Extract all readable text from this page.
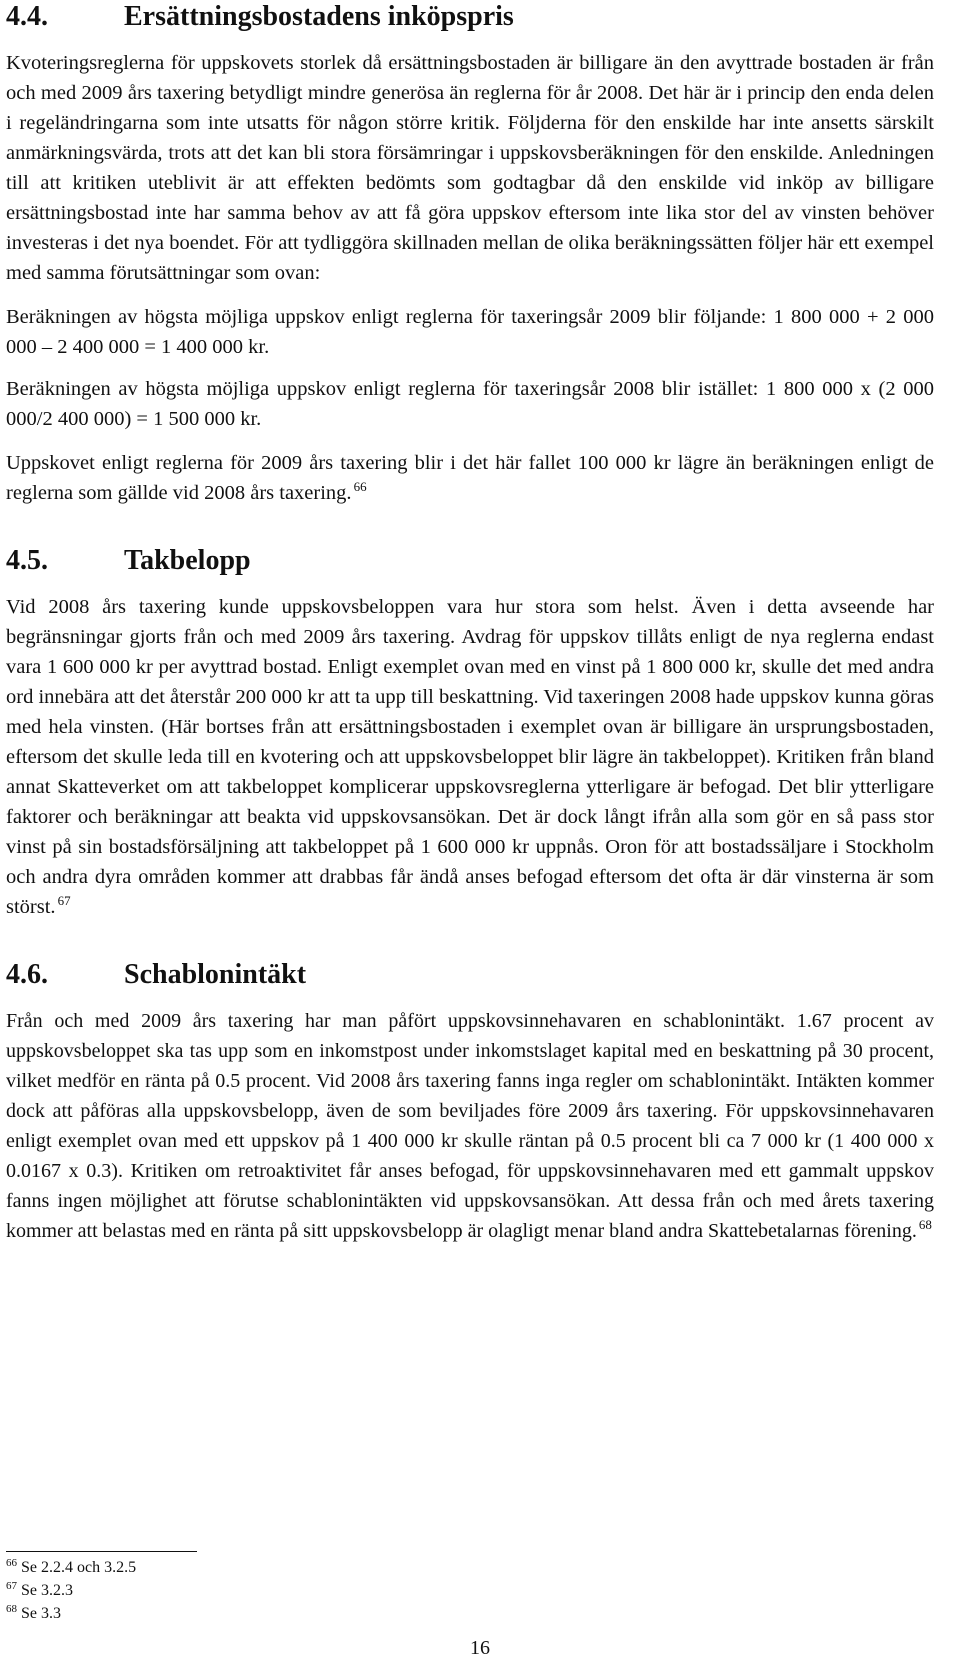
4.4.	Ersättningsbostadens inköpspris

Kvoteringsreglerna för uppskovets storlek då ersättningsbostaden är billigare än den avyttrade bostaden är från och med 2009 års taxering betydligt mindre generösa än reglerna för år 2008. Det här är i princip den enda delen i regeländringarna som inte utsatts för någon större kritik. Följderna för den enskilde har inte ansetts särskilt anmärkningsvärda, trots att det kan bli stora försämringar i uppskovsberäkningen för den enskilde. Anledningen till att kritiken uteblivit är att effekten bedömts som godtagbar då den enskilde vid inköp av billigare ersättningsbostad inte har samma behov av att få göra uppskov eftersom inte lika stor del av vinsten behöver investeras i det nya boendet. För att tydliggöra skillnaden mellan de olika beräkningssätten följer här ett exempel med samma förutsättningar som ovan:

Beräkningen av högsta möjliga uppskov enligt reglerna för taxeringsår 2009 blir följande: 1 800 000 + 2 000 000 – 2 400 000 = 1 400 000 kr.

Beräkningen av högsta möjliga uppskov enligt reglerna för taxeringsår 2008 blir istället: 1 800 000 x (2 000 000/2 400 000) = 1 500 000 kr.

Uppskovet enligt reglerna för 2009 års taxering blir i det här fallet 100 000 kr lägre än beräkningen enligt de reglerna som gällde vid 2008 års taxering. $^{66}$

4.5.	Takbelopp

Vid 2008 års taxering kunde uppskovsbeloppen vara hur stora som helst. Även i detta avseende har begränsningar gjorts från och med 2009 års taxering. Avdrag för uppskov tillåts enligt de nya reglerna endast vara 1 600 000 kr per avyttrad bostad. Enligt exemplet ovan med en vinst på 1 800 000 kr, skulle det med andra ord innebära att det återstår 200 000 kr att ta upp till beskattning. Vid taxeringen 2008 hade uppskov kunna göras med hela vinsten. (Här bortses från att ersättningsbostaden i exemplet ovan är billigare än ursprungsbostaden, eftersom det skulle leda till en kvotering och att uppskovsbeloppet blir lägre än takbeloppet). Kritiken från bland annat Skatteverket om att takbeloppet komplicerar uppskovsreglerna ytterligare är befogad. Det blir ytterligare faktorer och beräkningar att beakta vid uppskovsansökan. Det är dock långt ifrån alla som gör en så pass stor vinst på sin bostadsförsäljning att takbeloppet på 1 600 000 kr uppnås. Oron för att bostadssäljare i Stockholm och andra dyra områden kommer att drabbas får ändå anses befogad eftersom det ofta är där vinsterna är som störst. $^{67}$

4.6.	Schablonintäkt

Från och med 2009 års taxering har man påfört uppskovsinnehavaren en schablonintäkt. 1.67 procent av uppskovsbeloppet ska tas upp som en inkomstpost under inkomstslaget kapital med en beskattning på 30 procent, vilket medför en ränta på 0.5 procent. Vid 2008 års taxering fanns inga regler om schablonintäkt. Intäkten kommer dock att påföras alla uppskovsbelopp, även de som beviljades före 2009 års taxering. För uppskovsinnehavaren enligt exemplet ovan med ett uppskov på 1 400 000 kr skulle räntan på 0.5 procent bli ca 7 000 kr (1 400 000 x 0.0167 x 0.3). Kritiken om retroaktivitet får anses befogad, för uppskovsinnehavaren med ett gammalt uppskov fanns ingen möjlighet att förutse schablonintäkten vid uppskovsansökan. Att dessa från och med årets taxering kommer att belastas med en ränta på sitt uppskovsbelopp är olagligt menar bland andra Skattebetalarnas förening. $^{68}$

$^{66}$ Se 2.2.4 och 3.2.5
$^{67}$ Se 3.2.3
$^{68}$ Se 3.3
16
